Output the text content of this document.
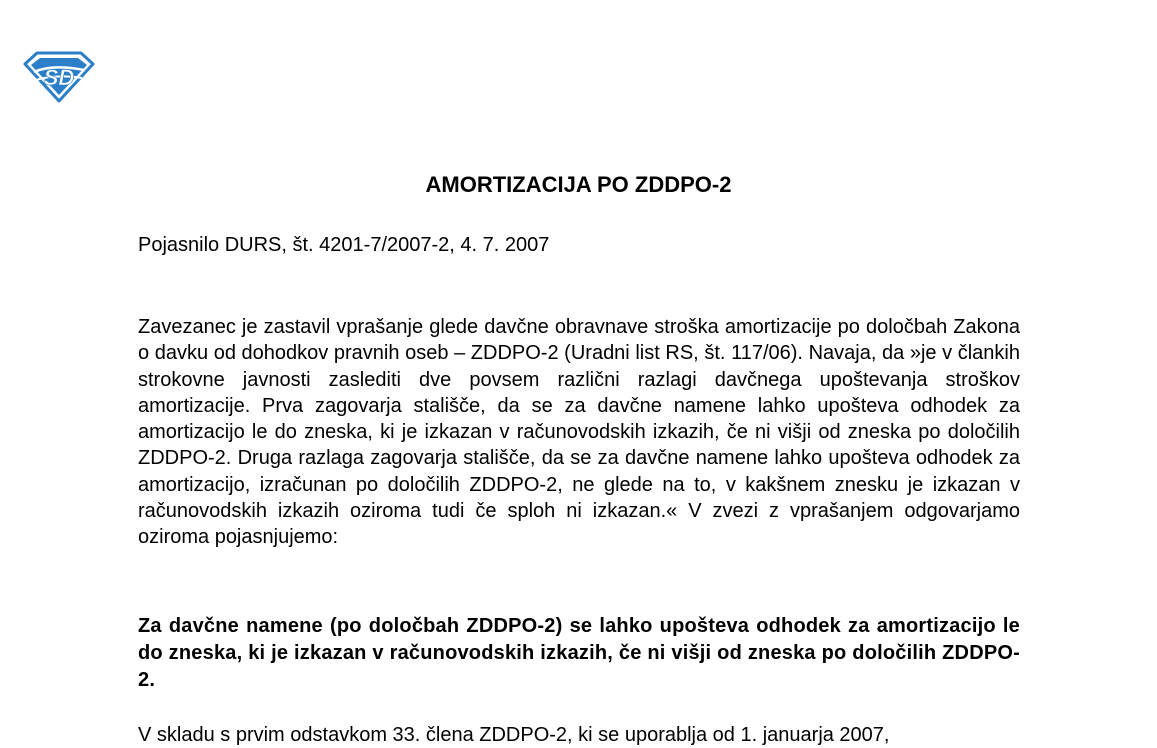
SD
AMORTIZACIJA PO ZDDPO-2

Pojasnilo DURS, št. 4201-7/2007-2, 4. 7. 2007

Zavezanec je zastavil vprašanje glede davčne obravnave stroška amortizacije po določbah Zakona o davku od dohodkov pravnih oseb – ZDDPO-2 (Uradni list RS, št. 117/06). Navaja, da »je v člankih strokovne javnosti zaslediti dve povsem različni razlagi davčnega upoštevanja stroškov amortizacije. Prva zagovarja stališče, da se za davčne namene lahko upošteva odhodek za amortizacijo le do zneska, ki je izkazan v računovodskih izkazih, če ni višji od zneska po določilih ZDDPO-2. Druga razlaga zagovarja stališče, da se za davčne namene lahko upošteva odhodek za amortizacijo, izračunan po določilih ZDDPO-2, ne glede na to, v kakšnem znesku je izkazan v računovodskih izkazih oziroma tudi če sploh ni izkazan.« V zvezi z vprašanjem odgovarjamo oziroma pojasnjujemo:

Za davčne namene (po določbah ZDDPO-2) se lahko upošteva odhodek za amortizacijo le do zneska, ki je izkazan v računovodskih izkazih, če ni višji od zneska po določilih ZDDPO-2.

V skladu s prvim odstavkom 33. člena ZDDPO-2, ki se uporablja od 1. januarja 2007,
